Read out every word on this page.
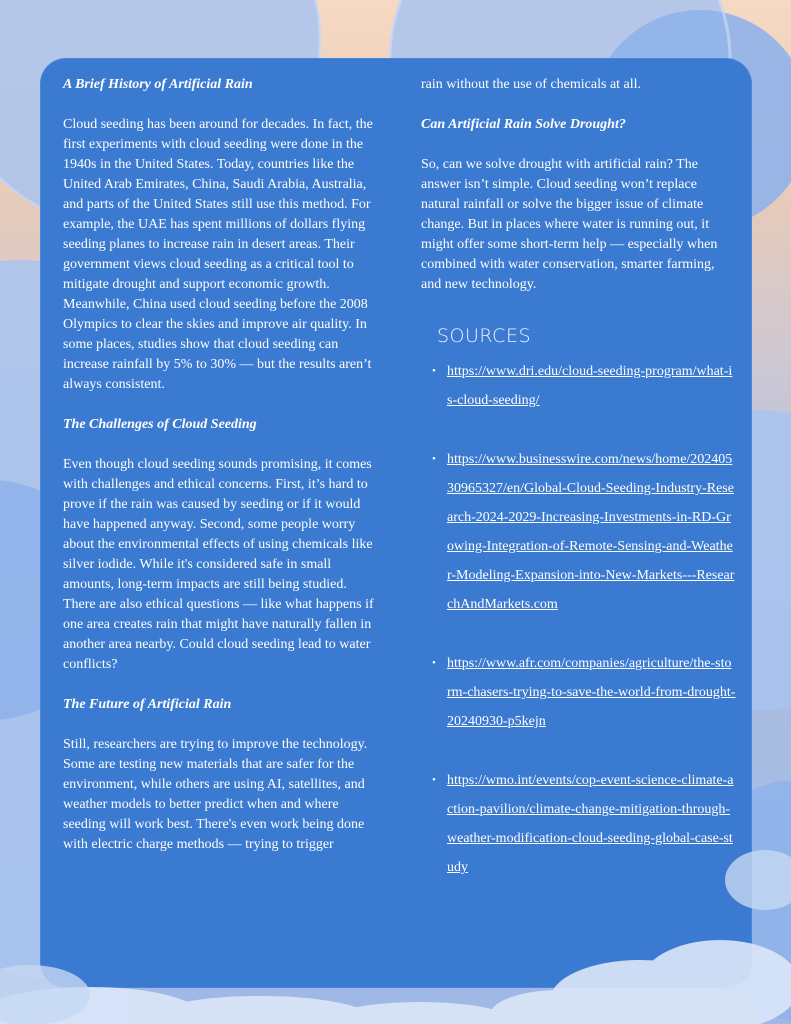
A Brief History of Artificial Rain

Cloud seeding has been around for decades. In fact, the first experiments with cloud seeding were done in the 1940s in the United States. Today, countries like the United Arab Emirates, China, Saudi Arabia, Australia, and parts of the United States still use this method. For example, the UAE has spent millions of dollars flying seeding planes to increase rain in desert areas. Their government views cloud seeding as a critical tool to mitigate drought and support economic growth. Meanwhile, China used cloud seeding before the 2008 Olympics to clear the skies and improve air quality. In some places, studies show that cloud seeding can increase rainfall by 5% to 30% — but the results aren’t always consistent.

The Challenges of Cloud Seeding

Even though cloud seeding sounds promising, it comes with challenges and ethical concerns. First, it’s hard to prove if the rain was caused by seeding or if it would have happened anyway. Second, some people worry about the environmental effects of using chemicals like silver iodide. While it's considered safe in small amounts, long-term impacts are still being studied. There are also ethical questions — like what happens if one area creates rain that might have naturally fallen in another area nearby. Could cloud seeding lead to water conflicts?

The Future of Artificial Rain

Still, researchers are trying to improve the technology. Some are testing new materials that are safer for the environment, while others are using AI, satellites, and weather models to better predict when and where seeding will work best. There's even work being done with electric charge methods — trying to trigger

rain without the use of chemicals at all.

Can Artificial Rain Solve Drought?

So, can we solve drought with artificial rain? The answer isn’t simple. Cloud seeding won’t replace natural rainfall or solve the bigger issue of climate change. But in places where water is running out, it might offer some short-term help — especially when combined with water conservation, smarter farming, and new technology.

SOURCES
• https://www.dri.edu/cloud-seeding-program/what-is-cloud-seeding/
• https://www.businesswire.com/news/home/20240530965327/en/Global-Cloud-Seeding-Industry-Research-2024-2029-Increasing-Investments-in-RD-Growing-Integration-of-Remote-Sensing-and-Weather-Modeling-Expansion-into-New-Markets---ResearchAndMarkets.com
• https://www.afr.com/companies/agriculture/the-storm-chasers-trying-to-save-the-world-from-drought-20240930-p5kejn
• https://wmo.int/events/cop-event-science-climate-action-pavilion/climate-change-mitigation-through-weather-modification-cloud-seeding-global-case-study
